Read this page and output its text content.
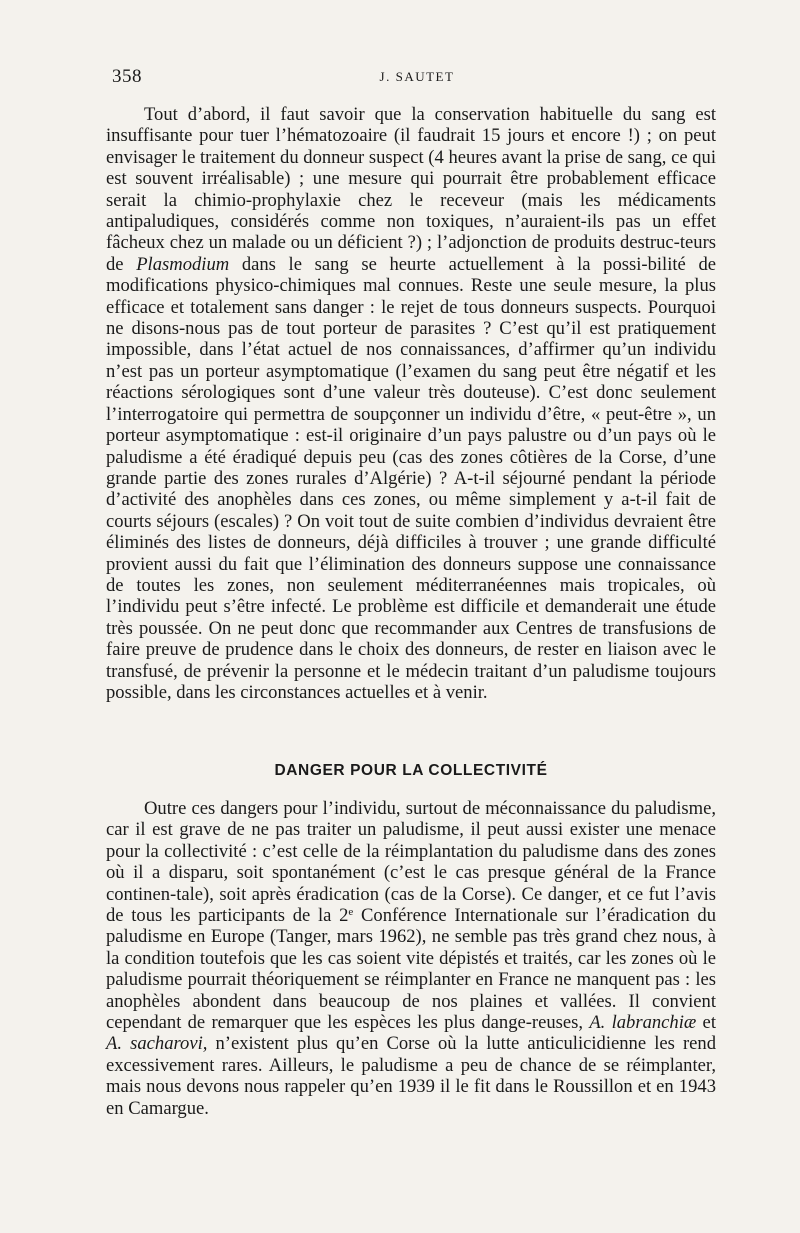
358	J. SAUTET

Tout d’abord, il faut savoir que la conservation habituelle du sang est insuffisante pour tuer l’hématozoaire (il faudrait 15 jours et encore !) ; on peut envisager le traitement du donneur suspect (4 heures avant la prise de sang, ce qui est souvent irréalisable) ; une mesure qui pourrait être probablement efficace serait la chimio-prophylaxie chez le receveur (mais les médicaments antipaludiques, considérés comme non toxiques, n’auraient-ils pas un effet fâcheux chez un malade ou un déficient ?) ; l’adjonction de produits destruc-teurs de Plasmodium dans le sang se heurte actuellement à la possi-bilité de modifications physico-chimiques mal connues. Reste une seule mesure, la plus efficace et totalement sans danger : le rejet de tous donneurs suspects. Pourquoi ne disons-nous pas de tout porteur de parasites ? C’est qu’il est pratiquement impossible, dans l’état actuel de nos connaissances, d’affirmer qu’un individu n’est pas un porteur asymptomatique (l’examen du sang peut être négatif et les réactions sérologiques sont d’une valeur très douteuse). C’est donc seulement l’interrogatoire qui permettra de soupçonner un individu d’être, « peut-être », un porteur asymptomatique : est-il originaire d’un pays palustre ou d’un pays où le paludisme a été éradiqué depuis peu (cas des zones côtières de la Corse, d’une grande partie des zones rurales d’Algérie) ? A-t-il séjourné pendant la période d’activité des anophèles dans ces zones, ou même simplement y a-t-il fait de courts séjours (escales) ? On voit tout de suite combien d’individus devraient être éliminés des listes de donneurs, déjà difficiles à trouver ; une grande difficulté provient aussi du fait que l’élimination des donneurs suppose une connaissance de toutes les zones, non seulement méditerranéennes mais tropicales, où l’individu peut s’être infecté. Le problème est difficile et demanderait une étude très poussée. On ne peut donc que recommander aux Centres de transfusions de faire preuve de prudence dans le choix des donneurs, de rester en liaison avec le transfusé, de prévenir la personne et le médecin traitant d’un paludisme toujours possible, dans les circonstances actuelles et à venir.

DANGER POUR LA COLLECTIVITÉ

Outre ces dangers pour l’individu, surtout de méconnaissance du paludisme, car il est grave de ne pas traiter un paludisme, il peut aussi exister une menace pour la collectivité : c’est celle de la réimplantation du paludisme dans des zones où il a disparu, soit spontanément (c’est le cas presque général de la France continen-tale), soit après éradication (cas de la Corse). Ce danger, et ce fut l’avis de tous les participants de la 2e Conférence Internationale sur l’éradication du paludisme en Europe (Tanger, mars 1962), ne semble pas très grand chez nous, à la condition toutefois que les cas soient vite dépistés et traités, car les zones où le paludisme pourrait théoriquement se réimplanter en France ne manquent pas : les anophèles abondent dans beaucoup de nos plaines et vallées. Il convient cependant de remarquer que les espèces les plus dange-reuses, A. labranchiæ et A. sacharovi, n’existent plus qu’en Corse où la lutte anticulicidienne les rend excessivement rares. Ailleurs, le paludisme a peu de chance de se réimplanter, mais nous devons nous rappeler qu’en 1939 il le fit dans le Roussillon et en 1943 en Camargue.
